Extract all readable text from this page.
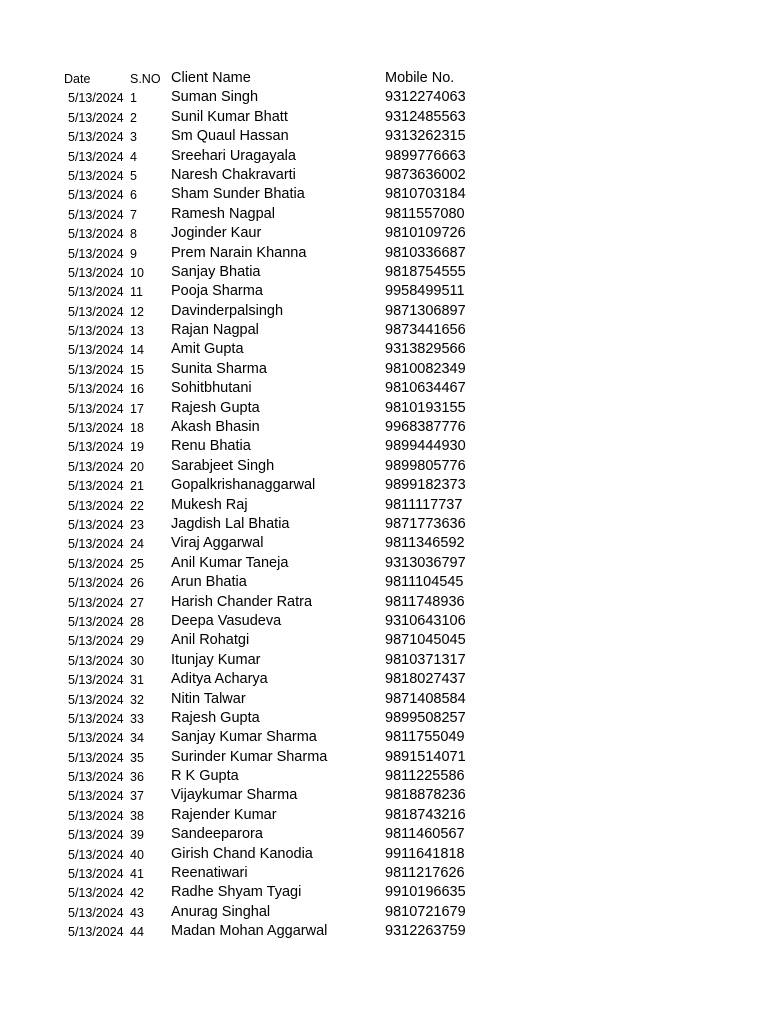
Date	S.NO Client Name	Mobile No.
5/13/2024 1 Suman Singh	9312274063
5/13/2024 2 Sunil Kumar Bhatt	9312485563
5/13/2024 3 Sm Quaul Hassan	9313262315
5/13/2024 4 Sreehari Uragayala	9899776663
5/13/2024 5 Naresh Chakravarti	9873636002
5/13/2024 6 Sham Sunder Bhatia	9810703184
5/13/2024 7 Ramesh Nagpal	9811557080
5/13/2024 8 Joginder Kaur	9810109726
5/13/2024 9 Prem Narain Khanna	9810336687
5/13/2024 10 Sanjay Bhatia	9818754555
5/13/2024 11 Pooja Sharma	9958499511
5/13/2024 12 Davinderpalsingh	9871306897
5/13/2024 13 Rajan Nagpal	9873441656
5/13/2024 14 Amit Gupta	9313829566
5/13/2024 15 Sunita Sharma	9810082349
5/13/2024 16 Sohitbhutani	9810634467
5/13/2024 17 Rajesh Gupta	9810193155
5/13/2024 18 Akash Bhasin	9968387776
5/13/2024 19 Renu Bhatia	9899444930
5/13/2024 20 Sarabjeet Singh	9899805776
5/13/2024 21 Gopalkrishanaggarwal	9899182373
5/13/2024 22 Mukesh Raj	9811117737
5/13/2024 23 Jagdish Lal Bhatia	9871773636
5/13/2024 24 Viraj Aggarwal	9811346592
5/13/2024 25 Anil Kumar Taneja	9313036797
5/13/2024 26 Arun Bhatia	9811104545
5/13/2024 27 Harish Chander Ratra	9811748936
5/13/2024 28 Deepa Vasudeva	9310643106
5/13/2024 29 Anil Rohatgi	9871045045
5/13/2024 30 Itunjay Kumar	9810371317
5/13/2024 31 Aditya Acharya	9818027437
5/13/2024 32 Nitin Talwar	9871408584
5/13/2024 33 Rajesh Gupta	9899508257
5/13/2024 34 Sanjay Kumar Sharma	9811755049
5/13/2024 35 Surinder Kumar Sharma	9891514071
5/13/2024 36 R K Gupta	9811225586
5/13/2024 37 Vijaykumar Sharma	9818878236
5/13/2024 38 Rajender Kumar	9818743216
5/13/2024 39 Sandeeparora	9811460567
5/13/2024 40 Girish Chand Kanodia	9911641818
5/13/2024 41 Reenatiwari	9811217626
5/13/2024 42 Radhe Shyam Tyagi	9910196635
5/13/2024 43 Anurag Singhal	9810721679
5/13/2024 44 Madan Mohan Aggarwal	9312263759
